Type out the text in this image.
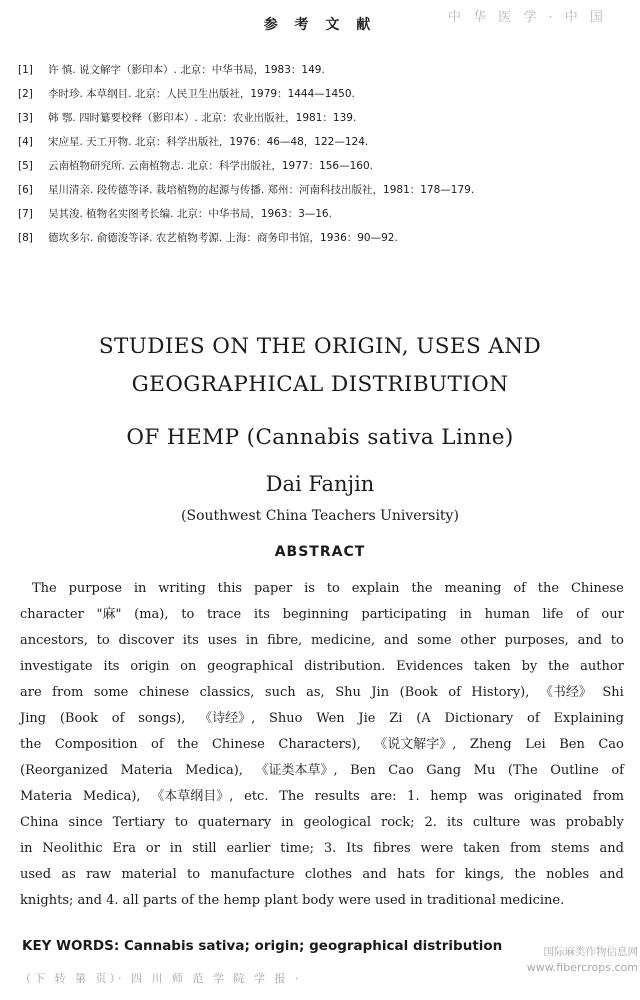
参 考 文 献	中 华 医 学 · 中 国
[1] 许 慎. 说文解字（影印本）. 北京：中华书局，1983：149.
[2] 李时珍. 本草纲目. 北京：人民卫生出版社，1979：1444—1450.
[3] 韩 鄂. 四时纂要校释（影印本）. 北京：农业出版社，1981：139.
[4] 宋应星. 天工开物. 北京：科学出版社，1976：46—48，122—124.
[5] 云南植物研究所. 云南植物志. 北京：科学出版社，1977：156—160.
[6] 星川清亲. 段传德等译. 栽培植物的起源与传播. 郑州：河南科技出版社，1981：178—179.
[7] 吴其浚. 植物名实图考长编. 北京：中华书局，1963：3—16.
[8] 德坎多尔. 俞德浚等译. 农艺植物考源. 上海：商务印书馆，1936：90—92.
STUDIES ON THE ORIGIN, USES AND
GEOGRAPHICAL DISTRIBUTION
OF HEMP (Cannabis sativa Linne)
Dai Fanjin
(Southwest China Teachers University)
ABSTRACT
The purpose in writing this paper is to explain the meaning of the Chinese
character "麻" (ma), to trace its beginning participating in human life of our
ancestors, to discover its uses in fibre, medicine, and some other purposes, and to
investigate its origin on geographical distribution. Evidences taken by the author
are from some chinese classics, such as, Shu Jin (Book of History), 《书经》 Shi
Jing (Book of songs), 《诗经》, Shuo Wen Jie Zi (A Dictionary of Explaining
the Composition of the Chinese Characters), 《说文解字》, Zheng Lei Ben Cao
(Reorganized Materia Medica), 《证类本草》, Ben Cao Gang Mu (The Outline of
Materia Medica), 《本草纲目》, etc. The results are: 1. hemp was originated from
China since Tertiary to quaternary in geological rock; 2. its culture was probably
in Neolithic Era or in still earlier time; 3. Its fibres were taken from stems and
used as raw material to manufacture clothes and hats for kings, the nobles and
knights; and 4. all parts of the hemp plant body were used in traditional medicine.
KEY WORDS: Cannabis sativa; origin; geographical distribution
（下 转 第 页）· 四 川 师 范 学 院 学 报 ·
国际麻类作物信息网
www.fibercrops.com
